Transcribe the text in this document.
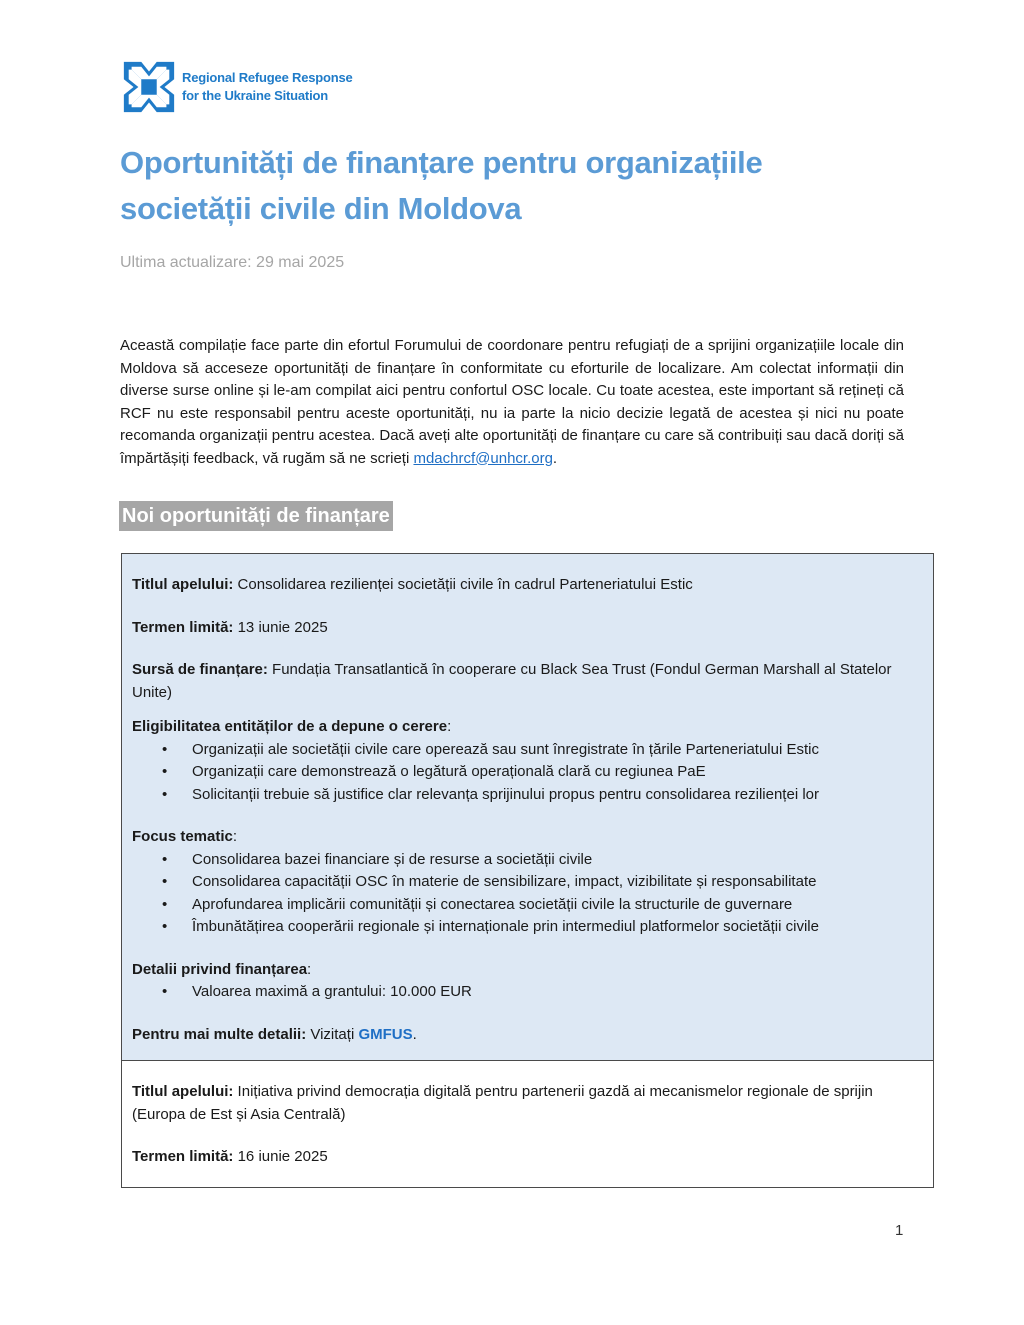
Regional Refugee Response
for the Ukraine Situation
Oportunități de finanțare pentru organizațiile
societății civile din Moldova
Ultima actualizare: 29 mai 2025

Această compilație face parte din efortul Forumului de coordonare pentru refugiați de a sprijini organizațiile locale din Moldova să acceseze oportunități de finanțare în conformitate cu eforturile de localizare. Am colectat informații din diverse surse online și le-am compilat aici pentru confortul OSC locale. Cu toate acestea, este important să rețineți că RCF nu este responsabil pentru aceste oportunități, nu ia parte la nicio decizie legată de acestea și nici nu poate recomanda organizații pentru acestea. Dacă aveți alte oportunități de finanțare cu care să contribuiți sau dacă doriți să împărtășiți feedback, vă rugăm să ne scrieți mdachrcf@unhcr.org.

Noi oportunități de finanțare
Titlul apelului: Consolidarea rezilienței societății civile în cadrul Parteneriatului Estic
Termen limită: 13 iunie 2025
Sursă de finanțare: Fundația Transatlantică în cooperare cu Black Sea Trust (Fondul German Marshall al Statelor Unite)
Eligibilitatea entităților de a depune o cerere:
• Organizații ale societății civile care operează sau sunt înregistrate în țările Parteneriatului Estic
• Organizații care demonstrează o legătură operațională clară cu regiunea PaE
• Solicitanții trebuie să justifice clar relevanța sprijinului propus pentru consolidarea rezilienței lor
Focus tematic:
• Consolidarea bazei financiare și de resurse a societății civile
• Consolidarea capacității OSC în materie de sensibilizare, impact, vizibilitate și responsabilitate
• Aprofundarea implicării comunității și conectarea societății civile la structurile de guvernare
• Îmbunătățirea cooperării regionale și internaționale prin intermediul platformelor societății civile
Detalii privind finanțarea:
• Valoarea maximă a grantului: 10.000 EUR
Pentru mai multe detalii: Vizitați GMFUS.
Titlul apelului: Inițiativa privind democrația digitală pentru partenerii gazdă ai mecanismelor regionale de sprijin (Europa de Est și Asia Centrală)
Termen limită: 16 iunie 2025
1
